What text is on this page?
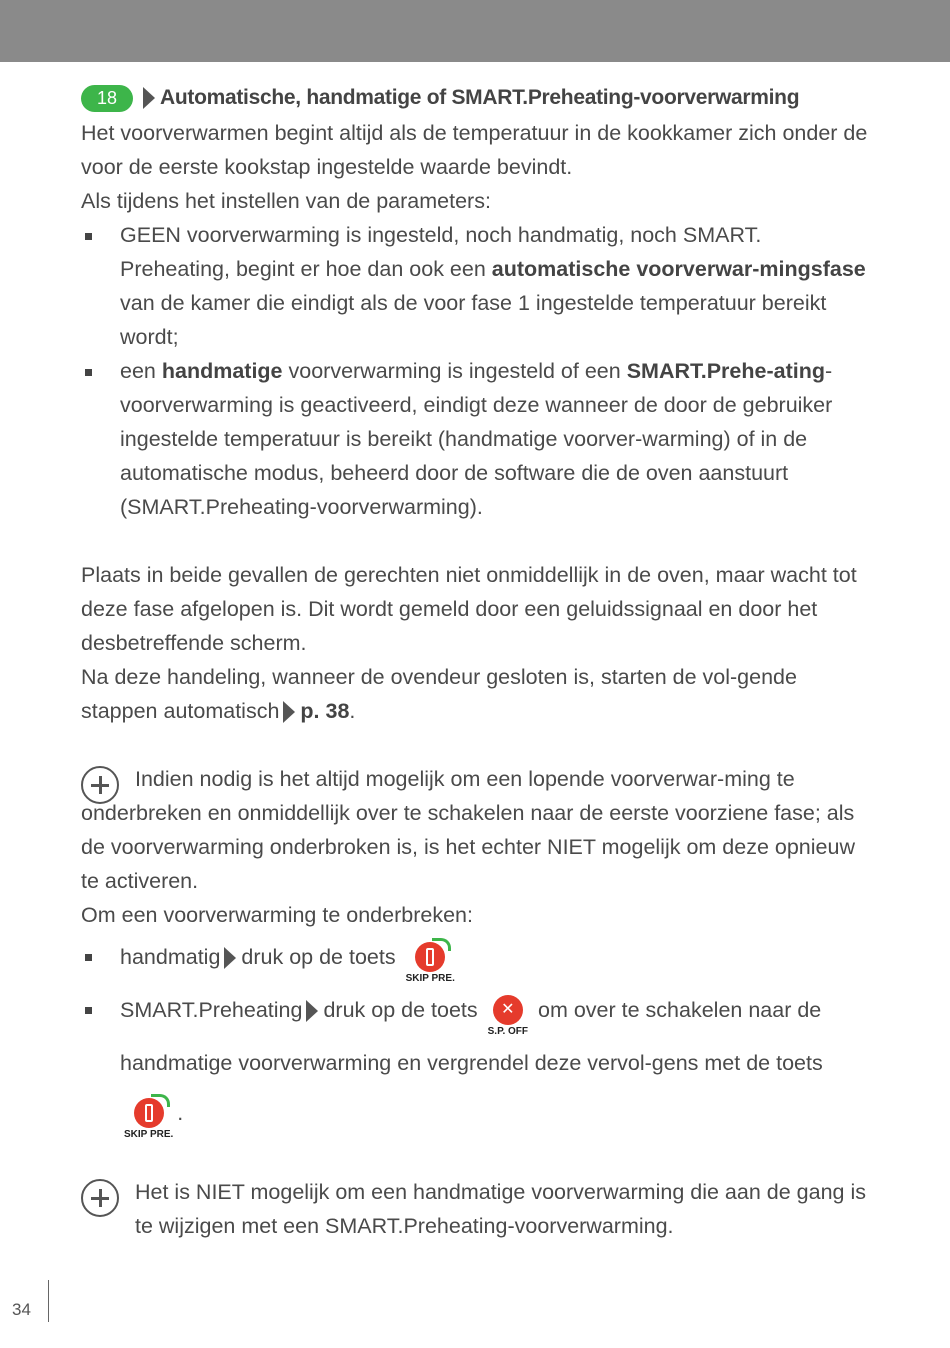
18	Automatische, handmatige of SMART.Preheating-voorverwarming

Het voorverwarmen begint altijd als de temperatuur in de kookkamer zich onder de voor de eerste kookstap ingestelde waarde bevindt.

Als tijdens het instellen van de parameters:

GEEN voorverwarming is ingesteld, noch handmatig, noch SMART. Preheating, begint er hoe dan ook een automatische voorverwar-mingsfase van de kamer die eindigt als de voor fase 1 ingestelde temperatuur bereikt wordt;
een handmatige voorverwarming is ingesteld of een SMART.Prehe-ating-voorverwarming is geactiveerd, eindigt deze wanneer de door de gebruiker ingestelde temperatuur is bereikt (handmatige voorver-warming) of in de automatische modus, beheerd door de software die de oven aanstuurt (SMART.Preheating-voorverwarming).

Plaats in beide gevallen de gerechten niet onmiddellijk in de oven, maar wacht tot deze fase afgelopen is. Dit wordt gemeld door een geluidssignaal en door het desbetreffende scherm.

Na deze handeling, wanneer de ovendeur gesloten is, starten de vol-gende stappen automatisch p. 38.

Indien nodig is het altijd mogelijk om een lopende voorverwar-ming te onderbreken en onmiddellijk over te schakelen naar de eerste voorziene fase; als de voorverwarming onderbroken is, is het echter NIET mogelijk om deze opnieuw te activeren.

Om een voorverwarming te onderbreken:

handmatig druk op de toets
SKIP PRE.
SMART.Preheating druk op de toets
✕
S.P. OFF
om over te schakelen naar de handmatige voorverwarming en vergrendel deze vervol-gens met de toets
SKIP PRE.
.

Het is NIET mogelijk om een handmatige voorverwarming die aan de gang is te wijzigen met een SMART.Preheating-voorverwarming.

34
